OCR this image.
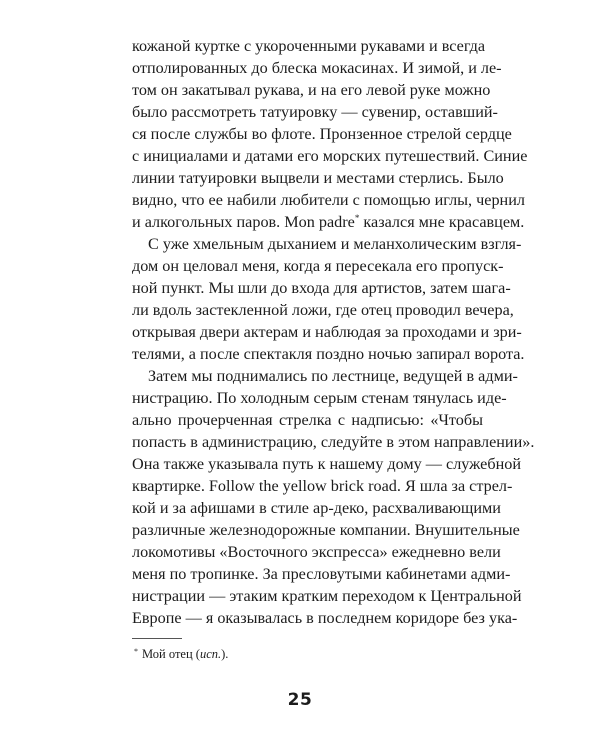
кожаной куртке с укороченными рукавами и всегда
отполированных до блеска мокасинах. И зимой, и ле-
том он закатывал рукава, и на его левой руке можно
было рассмотреть татуировку — сувенир, оставший-
ся после службы во флоте. Пронзенное стрелой сердце
с инициалами и датами его морских путешествий. Синие
линии татуировки выцвели и местами стерлись. Было
видно, что ее набили любители с помощью иглы, чернил
и алкогольных паров. Mon padre* казался мне красавцем.
С уже хмельным дыханием и меланхолическим взгля-
дом он целовал меня, когда я пересекала его пропуск-
ной пункт. Мы шли до входа для артистов, затем шага-
ли вдоль застекленной ложи, где отец проводил вечера,
открывая двери актерам и наблюдая за проходами и зри-
телями, а после спектакля поздно ночью запирал ворота.
Затем мы поднимались по лестнице, ведущей в адми-
нистрацию. По холодным серым стенам тянулась иде-
ально прочерченная стрелка с надписью: «Чтобы
попасть в администрацию, следуйте в этом направлении».
Она также указывала путь к нашему дому — служебной
квартирке. Follow the yellow brick road. Я шла за стрел-
кой и за афишами в стиле ар-деко, расхваливающими
различные железнодорожные компании. Внушительные
локомотивы «Восточного экспресса» ежедневно вели
меня по тропинке. За пресловутыми кабинетами адми-
нистрации — этаким кратким переходом к Центральной
Европе — я оказывалась в последнем коридоре без ука-
* Мой отец (исп.).
25
